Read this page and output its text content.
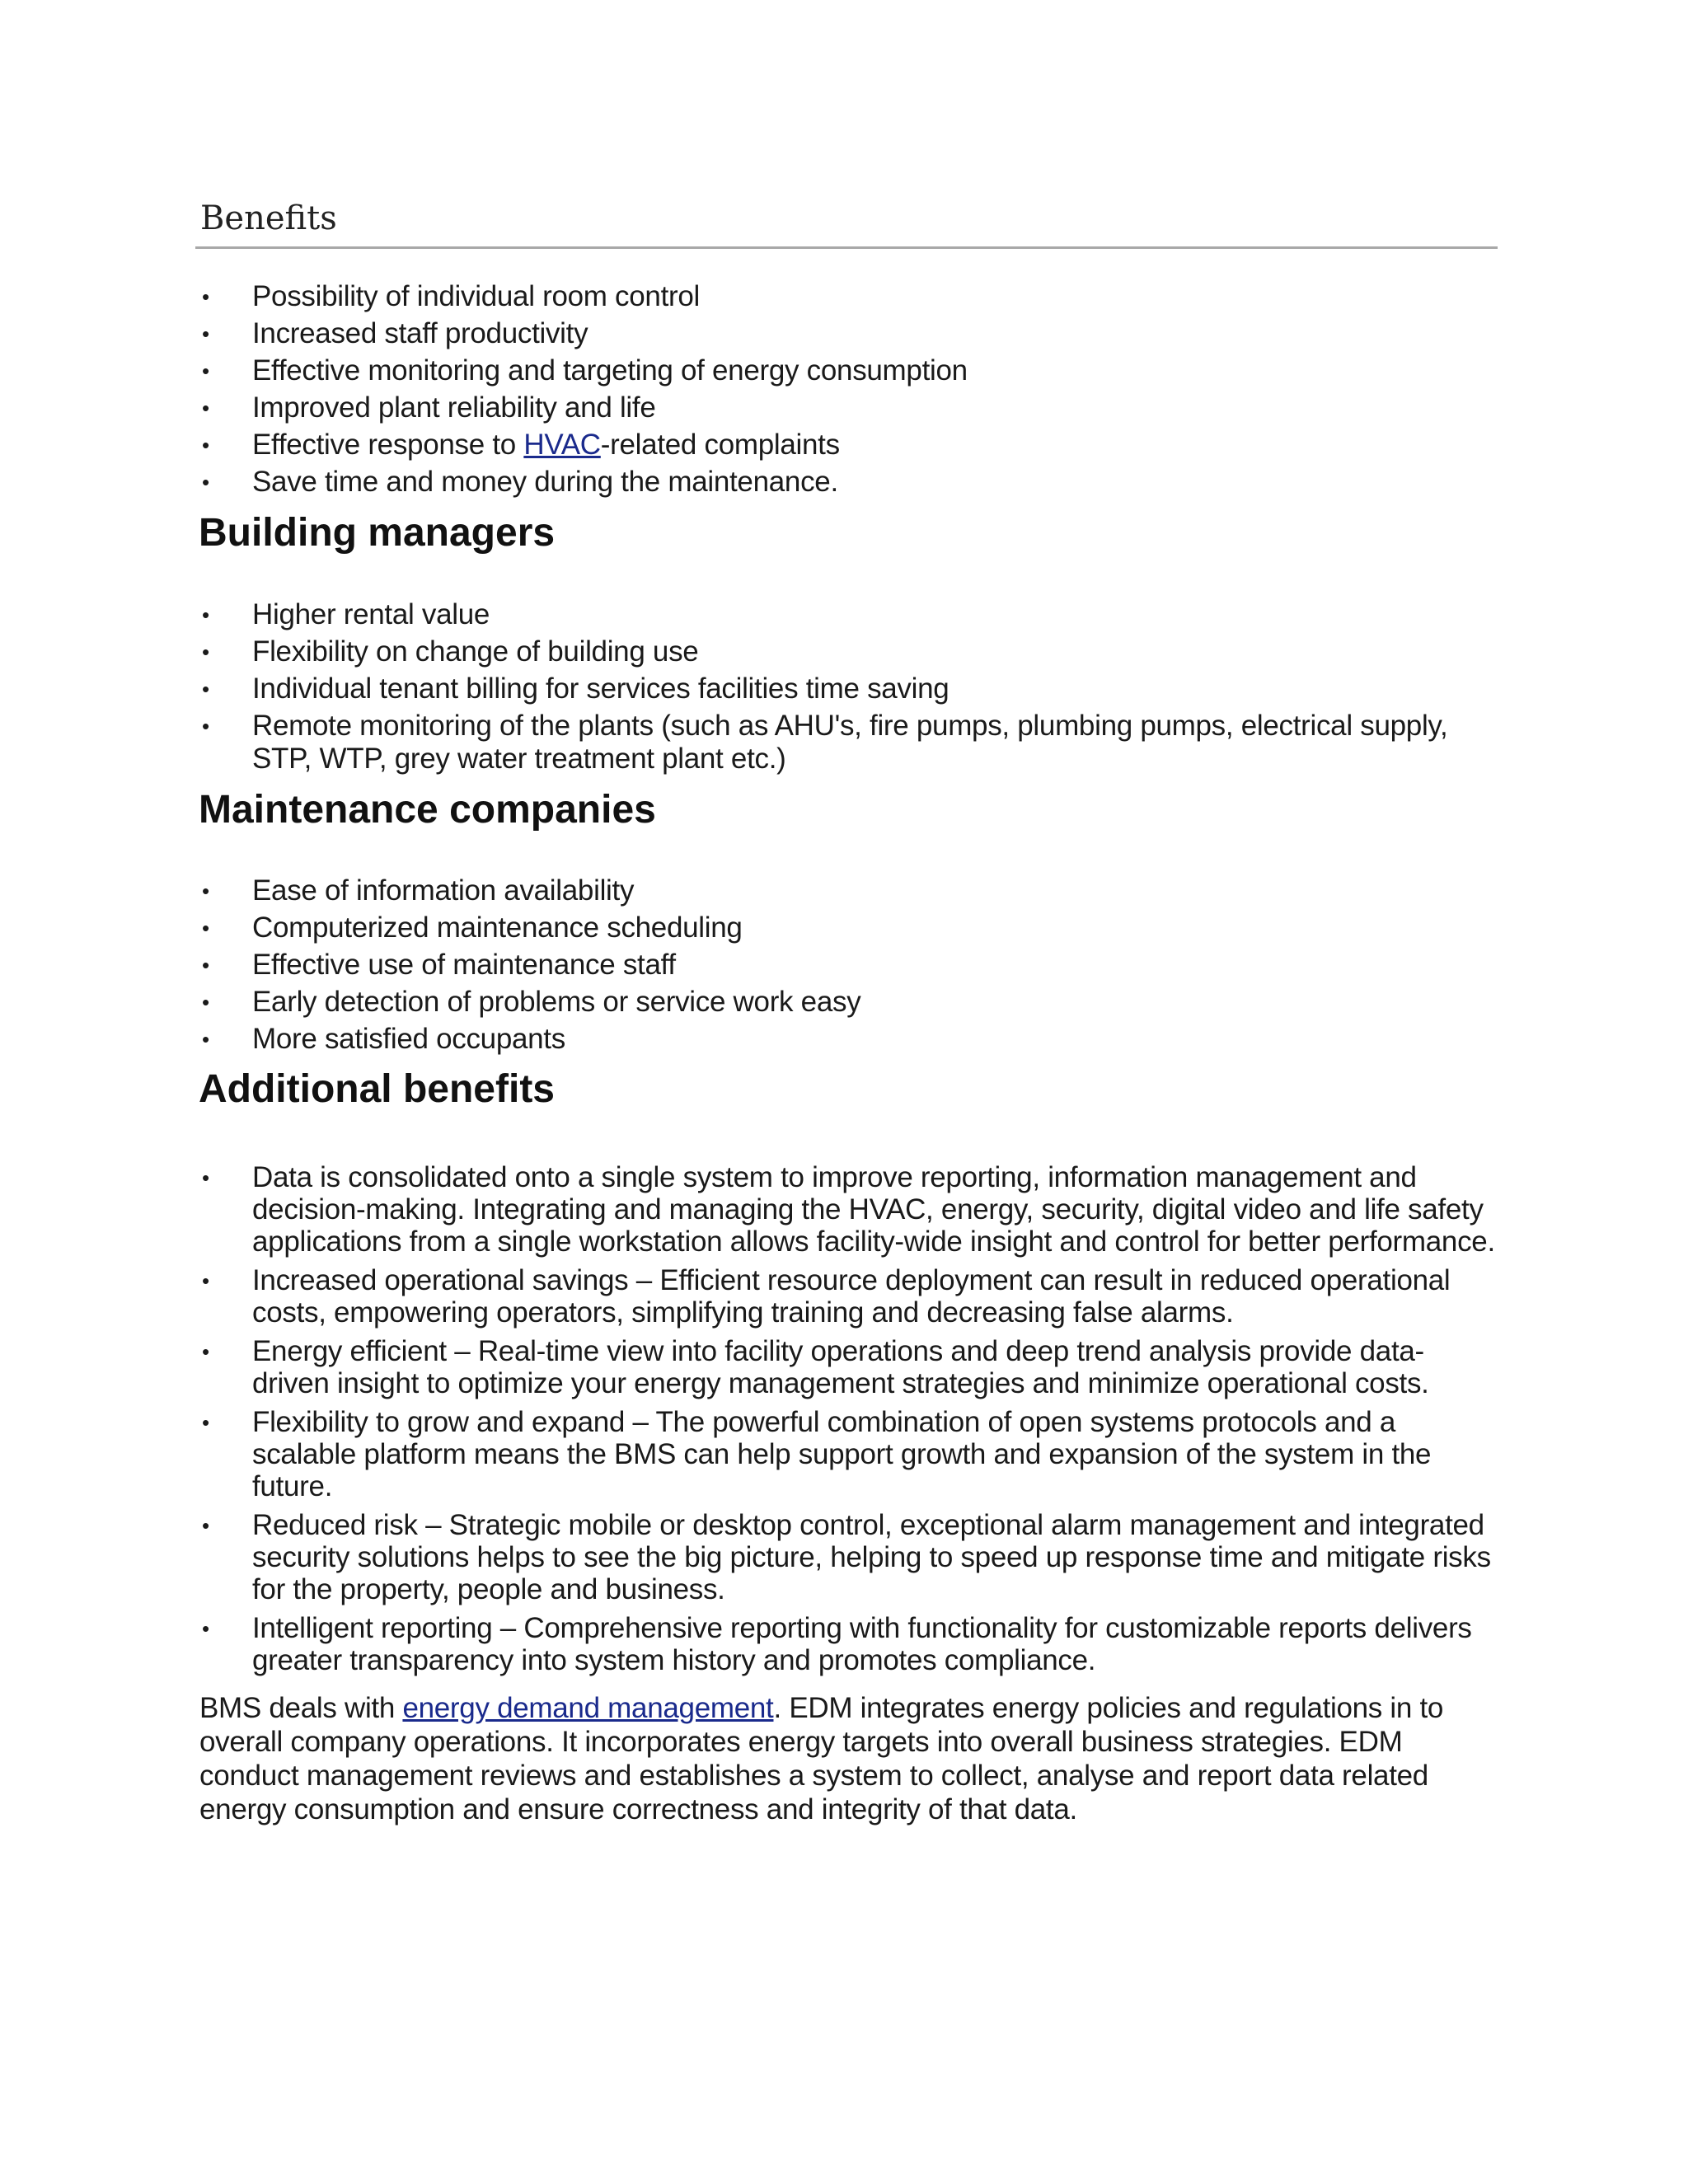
Benefits
•	Possibility of individual room control
•	Increased staff productivity
•	Effective monitoring and targeting of energy consumption
•	Improved plant reliability and life
•	Effective response to HVAC-related complaints
•	Save time and money during the maintenance.
Building managers
•	Higher rental value
•	Flexibility on change of building use
•	Individual tenant billing for services facilities time saving
•	Remote monitoring of the plants (such as AHU's, fire pumps, plumbing pumps, electrical supply, STP, WTP, grey water treatment plant etc.)
Maintenance companies
•	Ease of information availability
•	Computerized maintenance scheduling
•	Effective use of maintenance staff
•	Early detection of problems or service work easy
•	More satisfied occupants
Additional benefits
•	Data is consolidated onto a single system to improve reporting, information management and decision-making. Integrating and managing the HVAC, energy, security, digital video and life safety applications from a single workstation allows facility-wide insight and control for better performance.
•	Increased operational savings – Efficient resource deployment can result in reduced operational costs, empowering operators, simplifying training and decreasing false alarms.
•	Energy efficient – Real-time view into facility operations and deep trend analysis provide data-driven insight to optimize your energy management strategies and minimize operational costs.
•	Flexibility to grow and expand – The powerful combination of open systems protocols and a scalable platform means the BMS can help support growth and expansion of the system in the future.
•	Reduced risk – Strategic mobile or desktop control, exceptional alarm management and integrated security solutions helps to see the big picture, helping to speed up response time and mitigate risks for the property, people and business.
•	Intelligent reporting – Comprehensive reporting with functionality for customizable reports delivers greater transparency into system history and promotes compliance.

BMS deals with energy demand management. EDM integrates energy policies and regulations in to overall company operations. It incorporates energy targets into overall business strategies. EDM conduct management reviews and establishes a system to collect, analyse and report data related energy consumption and ensure correctness and integrity of that data.
